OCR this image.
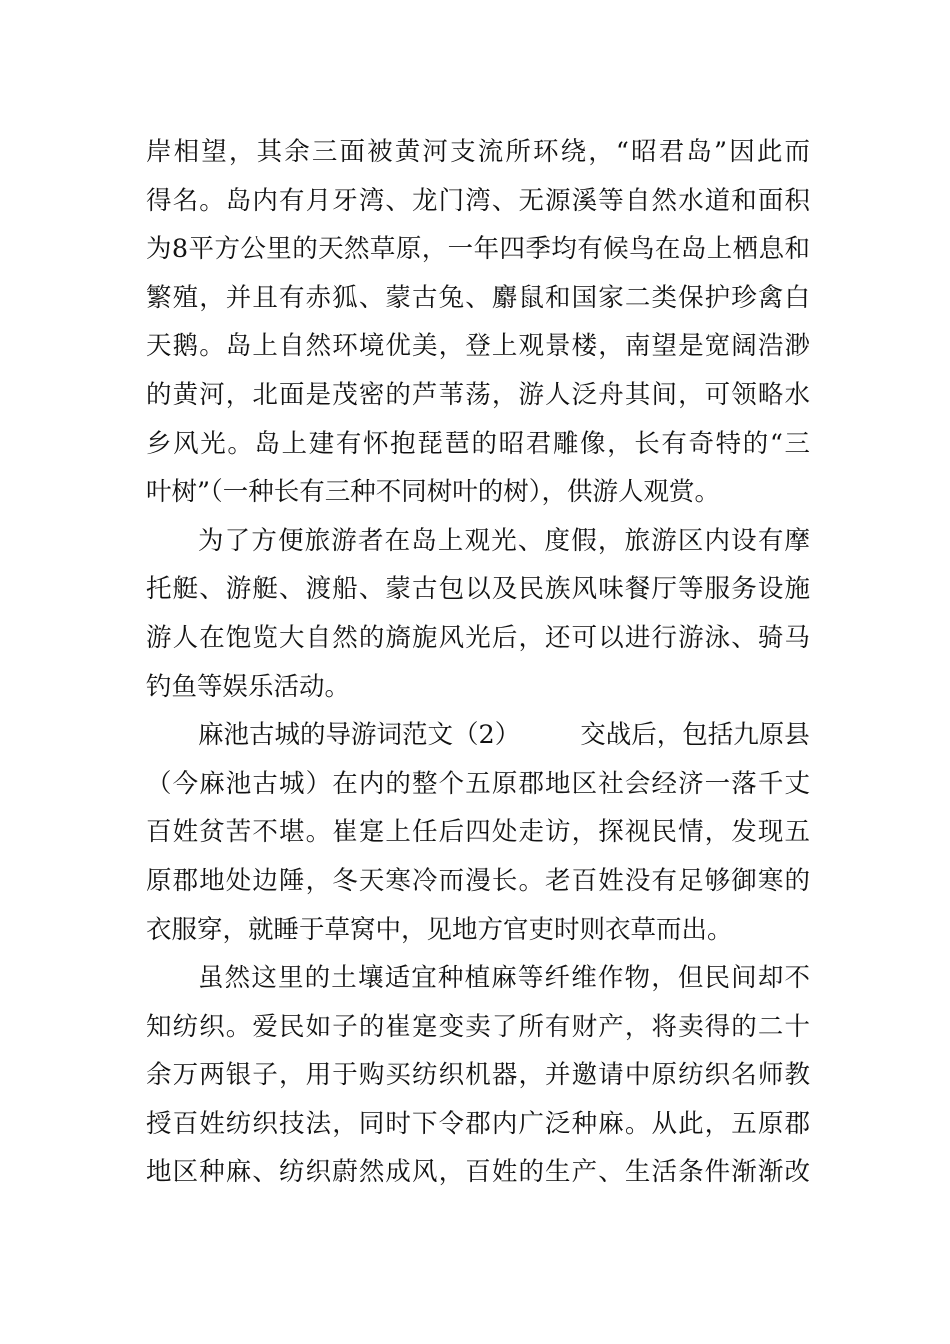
岸相望，其余三面被黄河支流所环绕，“昭君岛”因此而
得名。岛内有月牙湾、龙门湾、无源溪等自然水道和面积
为8平方公里的天然草原，一年四季均有候鸟在岛上栖息和
繁殖，并且有赤狐、蒙古兔、麝鼠和国家二类保护珍禽白
天鹅。岛上自然环境优美，登上观景楼，南望是宽阔浩渺
的黄河，北面是茂密的芦苇荡，游人泛舟其间，可领略水
乡风光。岛上建有怀抱琵琶的昭君雕像，长有奇特的“三
叶树”（一种长有三种不同树叶的树），供游人观赏。
为了方便旅游者在岛上观光、度假，旅游区内设有摩
托艇、游艇、渡船、蒙古包以及民族风味餐厅等服务设施
游人在饱览大自然的旖旎风光后，还可以进行游泳、骑马
钓鱼等娱乐活动。
麻池古城的导游词范文（2） 交战后，包括九原县
（今麻池古城）在内的整个五原郡地区社会经济一落千丈
百姓贫苦不堪。崔寔上任后四处走访，探视民情，发现五
原郡地处边陲，冬天寒冷而漫长。老百姓没有足够御寒的
衣服穿，就睡于草窝中，见地方官吏时则衣草而出。
虽然这里的土壤适宜种植麻等纤维作物，但民间却不
知纺织。爱民如子的崔寔变卖了所有财产，将卖得的二十
余万两银子，用于购买纺织机器，并邀请中原纺织名师教
授百姓纺织技法，同时下令郡内广泛种麻。从此，五原郡
地区种麻、纺织蔚然成风，百姓的生产、生活条件渐渐改
